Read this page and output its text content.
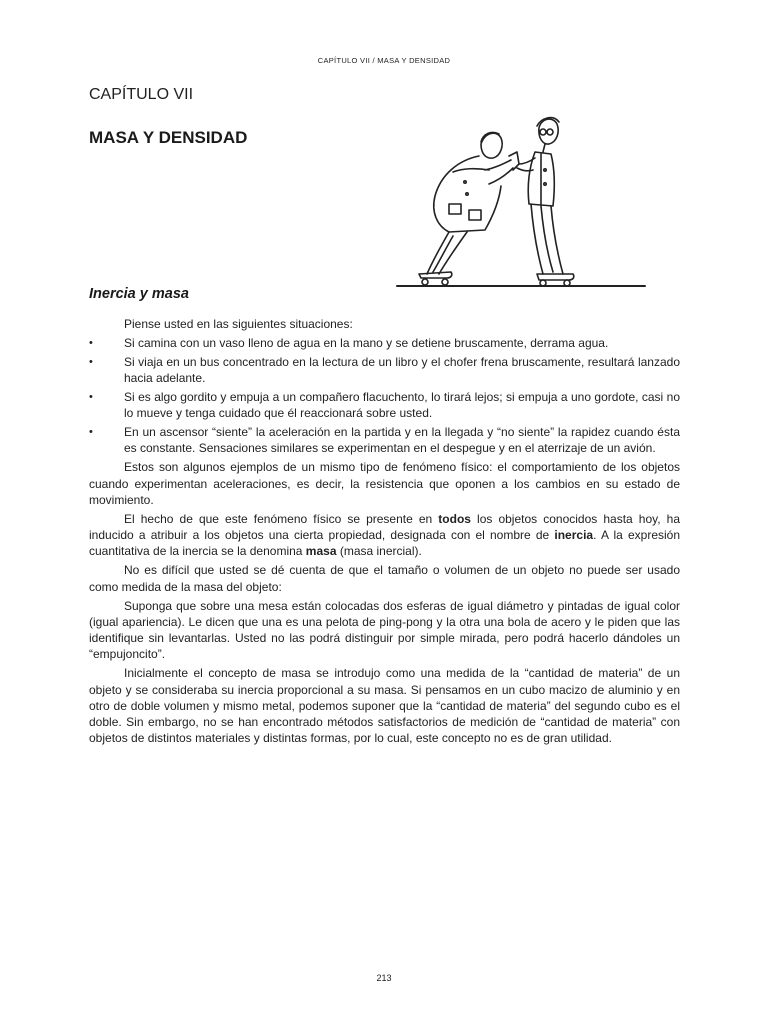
CAPÍTULO VII / MASA Y DENSIDAD
CAPÍTULO VII
MASA Y DENSIDAD
Inercia y masa

Piense usted en las siguientes situaciones:

•	Si camina con un vaso lleno de agua en la mano y se detiene bruscamente, derrama agua.
•	Si viaja en un bus concentrado en la lectura de un libro y el chofer frena bruscamente, resultará lanzado hacia adelante.
•	Si es algo gordito y empuja a un compañero flacuchento, lo tirará lejos; si empuja a uno gordote, casi no lo mueve y tenga cuidado que él reaccionará sobre usted.
•	En un ascensor “siente” la aceleración en la partida y en la llegada y “no siente” la rapidez cuando ésta es constante. Sensaciones similares se experimentan en el despegue y en el aterrizaje de un avión.

Estos son algunos ejemplos de un mismo tipo de fenómeno físico: el comportamiento de los objetos cuando experimentan aceleraciones, es decir, la resistencia que oponen a los cambios en su estado de movimiento.

El hecho de que este fenómeno físico se presente en todos los objetos conocidos hasta hoy, ha inducido a atribuir a los objetos una cierta propiedad, designada con el nombre de inercia. A la expresión cuantitativa de la inercia se la denomina masa (masa inercial).

No es difícil que usted se dé cuenta de que el tamaño o volumen de un objeto no puede ser usado como medida de la masa del objeto:

Suponga que sobre una mesa están colocadas dos esferas de igual diámetro y pintadas de igual color (igual apariencia). Le dicen que una es una pelota de ping-pong y la otra una bola de acero y le piden que las identifique sin levantarlas. Usted no las podrá distinguir por simple mirada, pero podrá hacerlo dándoles un “empujoncito”.

Inicialmente el concepto de masa se introdujo como una medida de la “cantidad de materia” de un objeto y se consideraba su inercia proporcional a su masa. Si pensamos en un cubo macizo de aluminio y en otro de doble volumen y mismo metal, podemos suponer que la “cantidad de materia” del segundo cubo es el doble. Sin embargo, no se han encontrado métodos satisfactorios de medición de “cantidad de materia” con objetos de distintos materiales y distintas formas, por lo cual, este concepto no es de gran utilidad.

213
